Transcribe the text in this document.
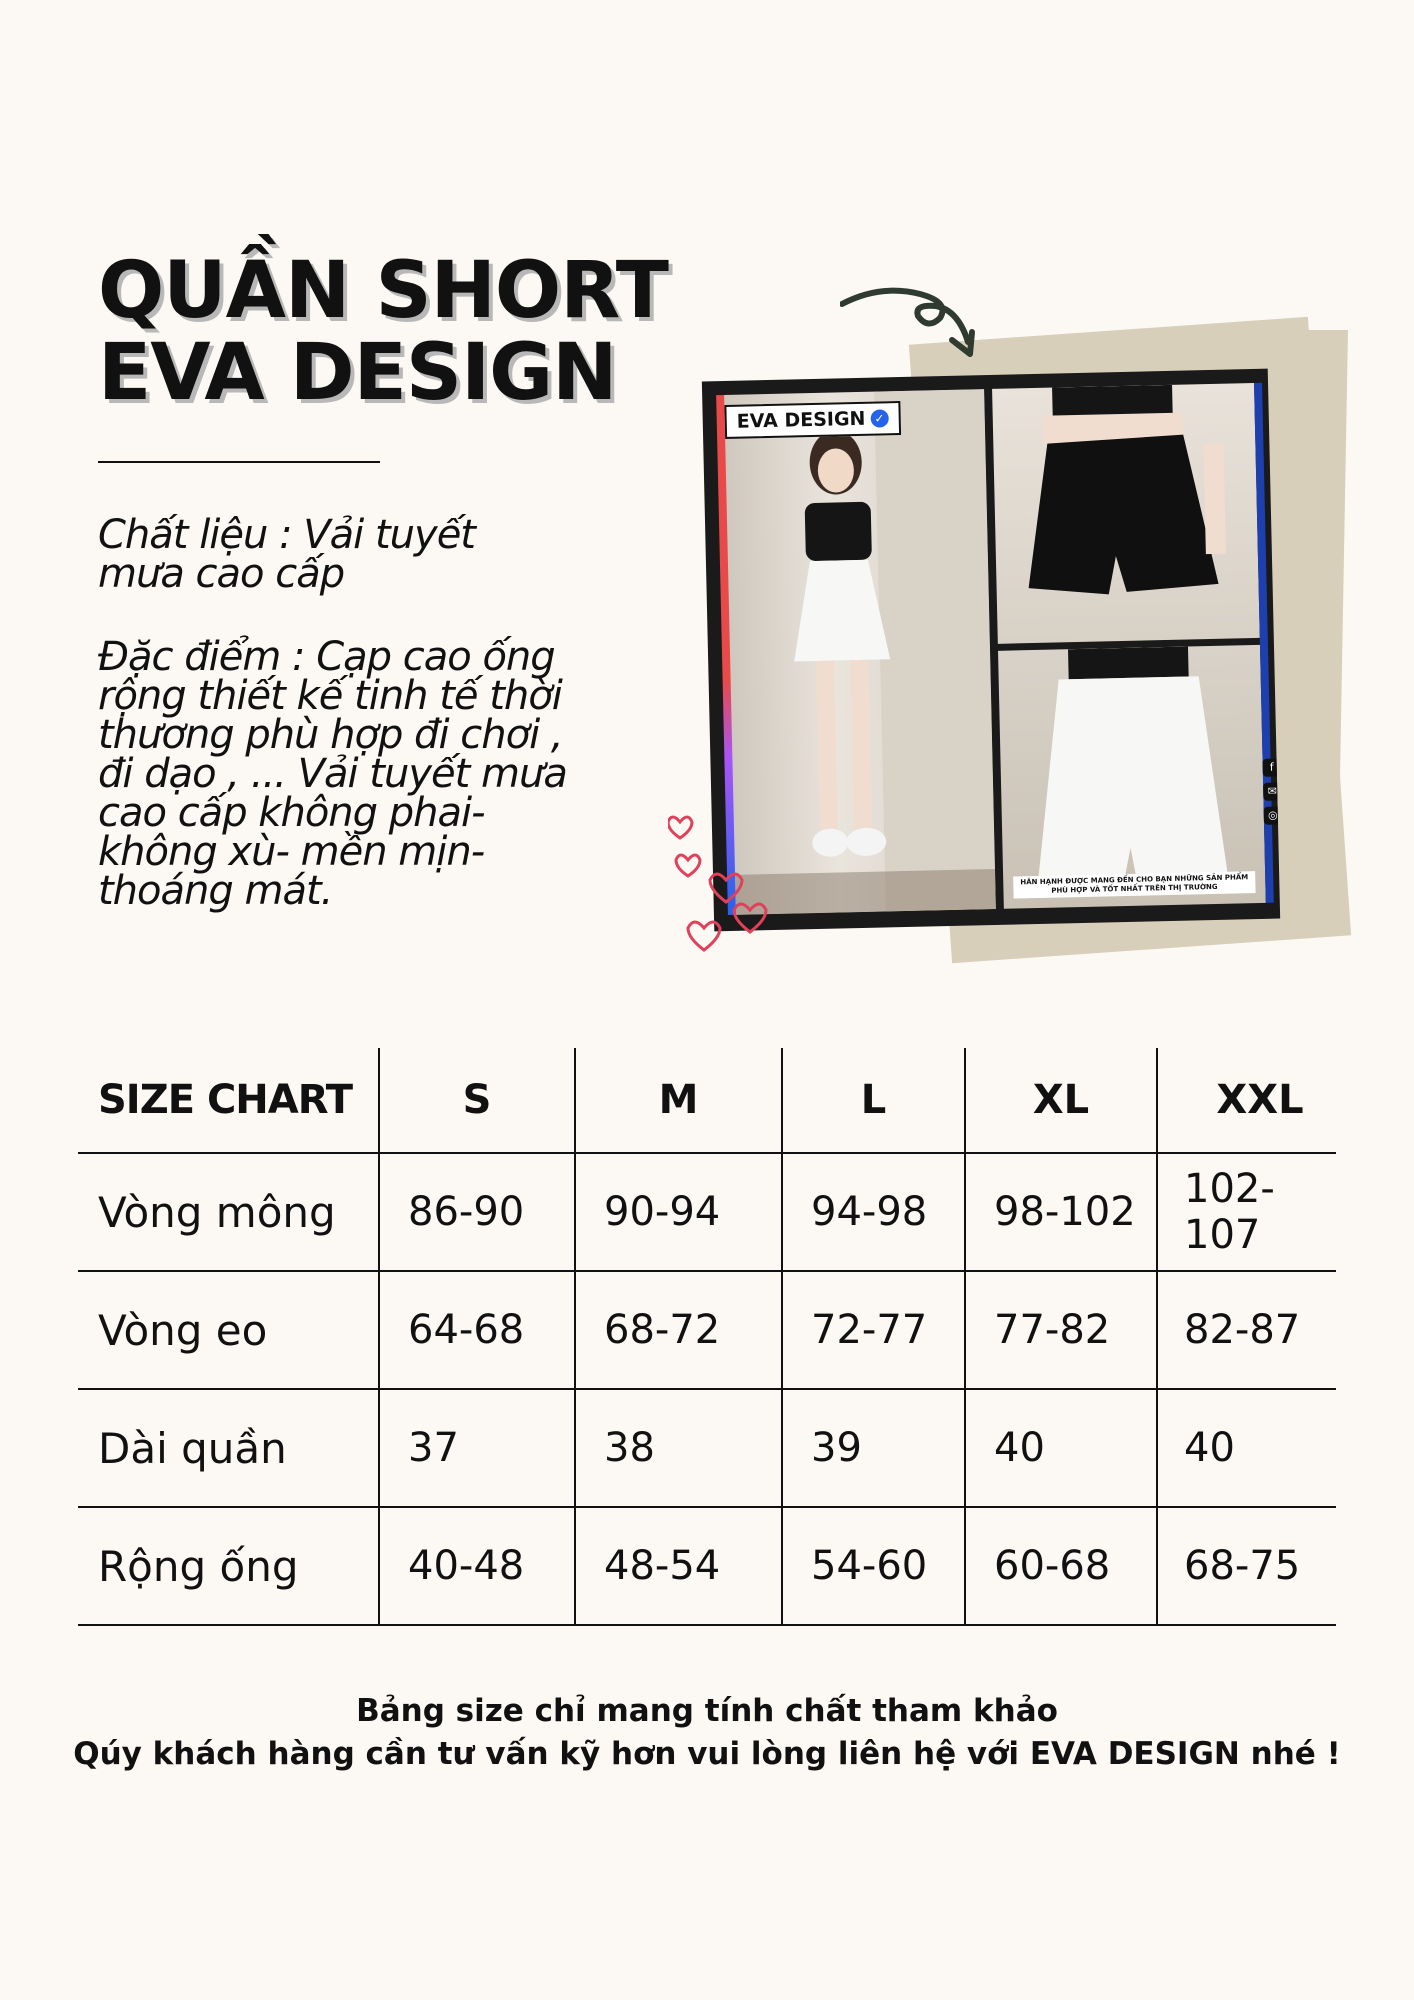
QUẦN SHORT
EVA DESIGN

Chất liệu : Vải tuyết mưa cao cấp

Đặc điểm : Cạp cao ống rộng thiết kế tinh tế thời thương phù hợp đi chơi , đi dạo , ... Vải tuyết mưa cao cấp không phai- không xù- mền mịn- thoáng mát.

EVA DESIGN ✓
f
✉
◎
HÂN HẠNH ĐƯỢC MANG ĐẾN CHO BẠN NHỮNG SẢN PHẨM PHÙ HỢP VÀ TỐT NHẤT TRÊN THỊ TRƯỜNG
SIZE CHART	S	M	L	XL	XXL
Vòng mông	86-90	90-94	94-98	98-102	102-107
Vòng eo	64-68	68-72	72-77	77-82	82-87
Dài quần	37	38	39	40	40
Rộng ống	40-48	48-54	54-60	60-68	68-75

Bảng size chỉ mang tính chất tham khảo

Qúy khách hàng cần tư vấn kỹ hơn vui lòng liên hệ với EVA DESIGN nhé !
